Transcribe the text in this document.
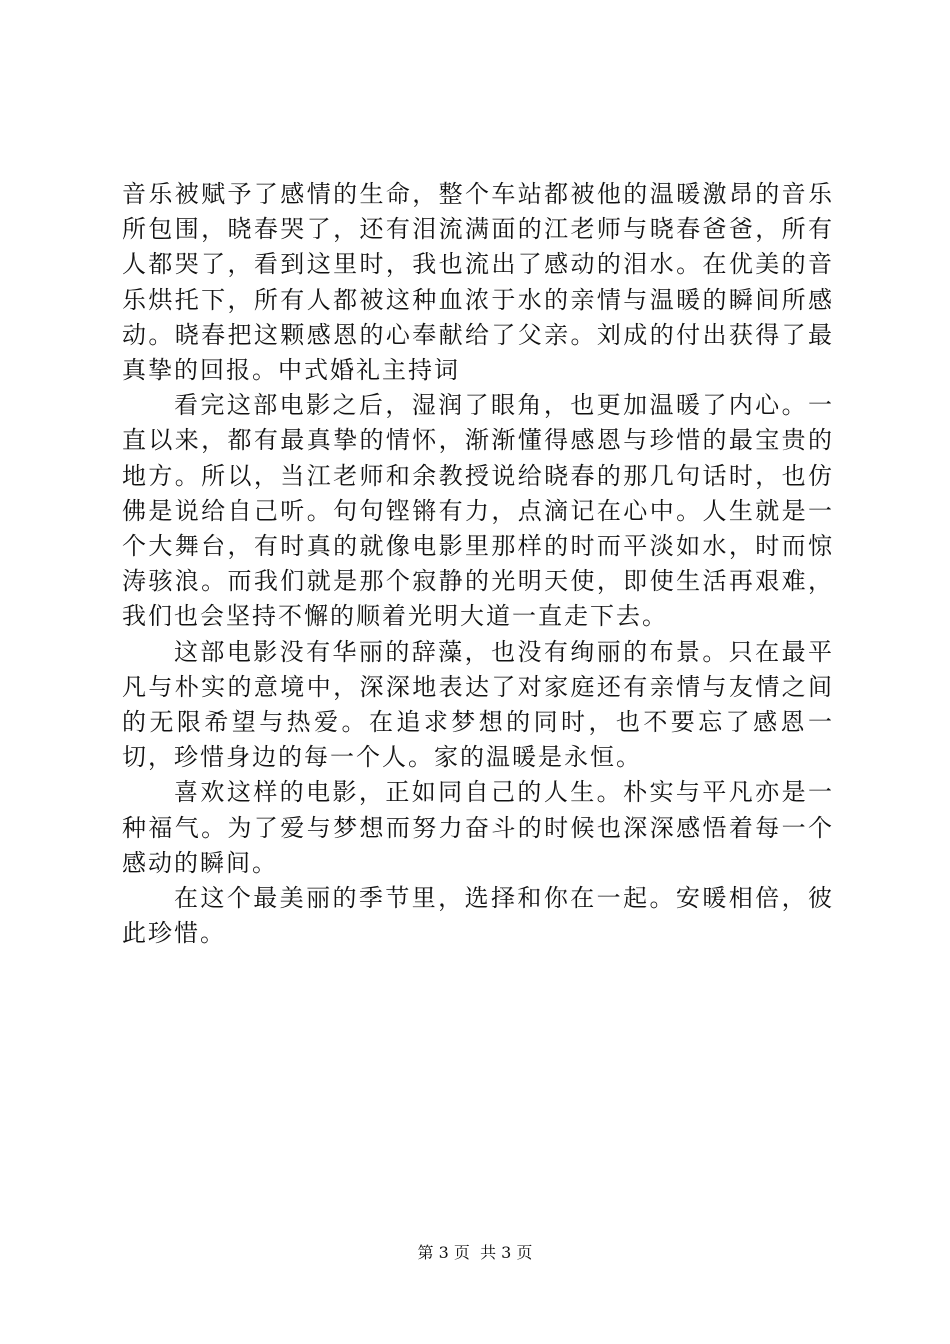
音乐被赋予了感情的生命，整个车站都被他的温暖激昂的音乐所包围，晓春哭了，还有泪流满面的江老师与晓春爸爸，所有人都哭了，看到这里时，我也流出了感动的泪水。在优美的音乐烘托下，所有人都被这种血浓于水的亲情与温暖的瞬间所感动。晓春把这颗感恩的心奉献给了父亲。刘成的付出获得了最真挚的回报。中式婚礼主持词

看完这部电影之后，湿润了眼角，也更加温暖了内心。一直以来，都有最真挚的情怀，渐渐懂得感恩与珍惜的最宝贵的地方。所以，当江老师和余教授说给晓春的那几句话时，也仿佛是说给自己听。句句铿锵有力，点滴记在心中。人生就是一个大舞台，有时真的就像电影里那样的时而平淡如水，时而惊涛骇浪。而我们就是那个寂静的光明天使，即使生活再艰难，我们也会坚持不懈的顺着光明大道一直走下去。

这部电影没有华丽的辞藻，也没有绚丽的布景。只在最平凡与朴实的意境中，深深地表达了对家庭还有亲情与友情之间的无限希望与热爱。在追求梦想的同时，也不要忘了感恩一切，珍惜身边的每一个人。家的温暖是永恒。

喜欢这样的电影，正如同自己的人生。朴实与平凡亦是一种福气。为了爱与梦想而努力奋斗的时候也深深感悟着每一个感动的瞬间。

在这个最美丽的季节里，选择和你在一起。安暖相倍，彼此珍惜。

第 3 页  共 3 页
